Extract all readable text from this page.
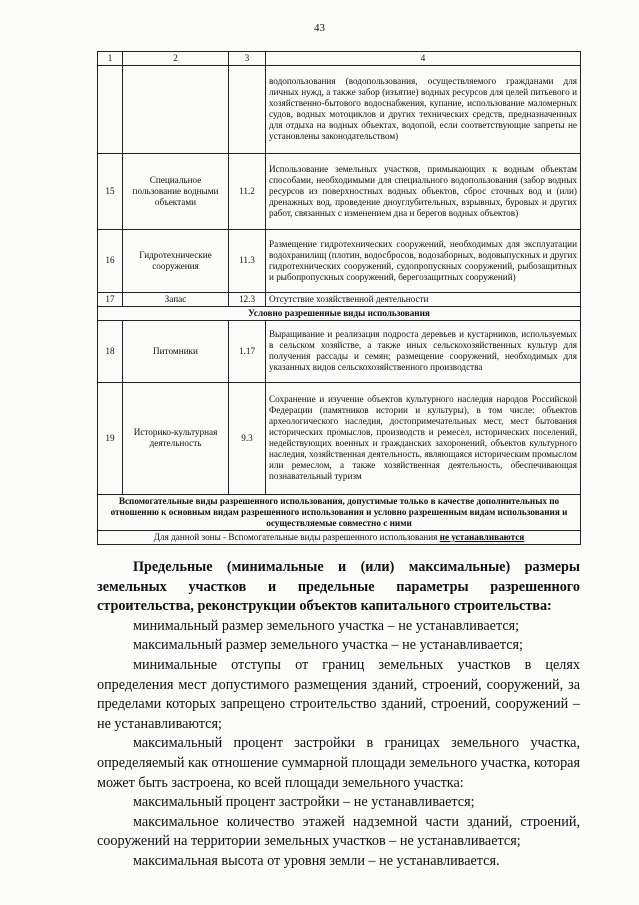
43
1	2	3	4
			водопользования (водопользования, осуществляемого гражданами для личных нужд, а также забор (изъятие) водных ресурсов для целей питьевого и хозяйственно-бытового водоснабжения, купание, использование маломерных судов, водных мотоциклов и других технических средств, предназначенных для отдыха на водных объектах, водопой, если соответствующие запреты не установлены законодательством)
15	Специальное пользование водными объектами	11.2	Использование земельных участков, примыкающих к водным объектам способами, необходимыми для специального водопользования (забор водных ресурсов из поверхностных водных объектов, сброс сточных вод и (или) дренажных вод, проведение дноуглубительных, взрывных, буровых и других работ, связанных с изменением дна и берегов водных объектов)
16	Гидротехнические сооружения	11.3	Размещение гидротехнических сооружений, необходимых для эксплуатации водохранилищ (плотин, водосбросов, водозаборных, водовыпускных и других гидротехнических сооружений, судопропускных сооружений, рыбозащитных и рыбопропускных сооружений, берегозащитных сооружений)
17	Запас	12.3	Отсутствие хозяйственной деятельности
Условно разрешенные виды использования			
18	Питомники	1.17	Выращивание и реализация подроста деревьев и кустарников, используемых в сельском хозяйстве, а также иных сельскохозяйственных культур для получения рассады и семян; размещение сооружений, необходимых для указанных видов сельскохозяйственного производства
19	Историко-культурная деятельность	9.3	Сохранение и изучение объектов культурного наследия народов Российской Федерации (памятников истории и культуры), в том числе: объектов археологического наследия, достопримечательных мест, мест бытования исторических промыслов, производств и ремесел, исторических поселений, недействующих военных и гражданских захоронений, объектов культурного наследия, хозяйственная деятельность, являющаяся историческим промыслом или ремеслом, а также хозяйственная деятельность, обеспечивающая познавательный туризм
Вспомогательные виды разрешенного использования, допустимые только в качестве дополнительных по отношению к основным видам разрешенного использования и условно разрешенным видам использования и осуществляемые совместно с ними			
Для данной зоны - Вспомогательные виды разрешенного использования не устанавливаются			

Предельные (минимальные и (или) максимальные) размеры земельных участков и предельные параметры разрешенного строительства, реконструкции объектов капитального строительства:

минимальный размер земельного участка – не устанавливается;

максимальный размер земельного участка – не устанавливается;

минимальные отступы от границ земельных участков в целях определения мест допустимого размещения зданий, строений, сооружений, за пределами которых запрещено строительство зданий, строений, сооружений – не устанавливаются;

максимальный процент застройки в границах земельного участка, определяемый как отношение суммарной площади земельного участка, которая может быть застроена, ко всей площади земельного участка:

максимальный процент застройки – не устанавливается;

максимальное количество этажей надземной части зданий, строений, сооружений на территории земельных участков – не устанавливается;

максимальная высота от уровня земли – не устанавливается.
